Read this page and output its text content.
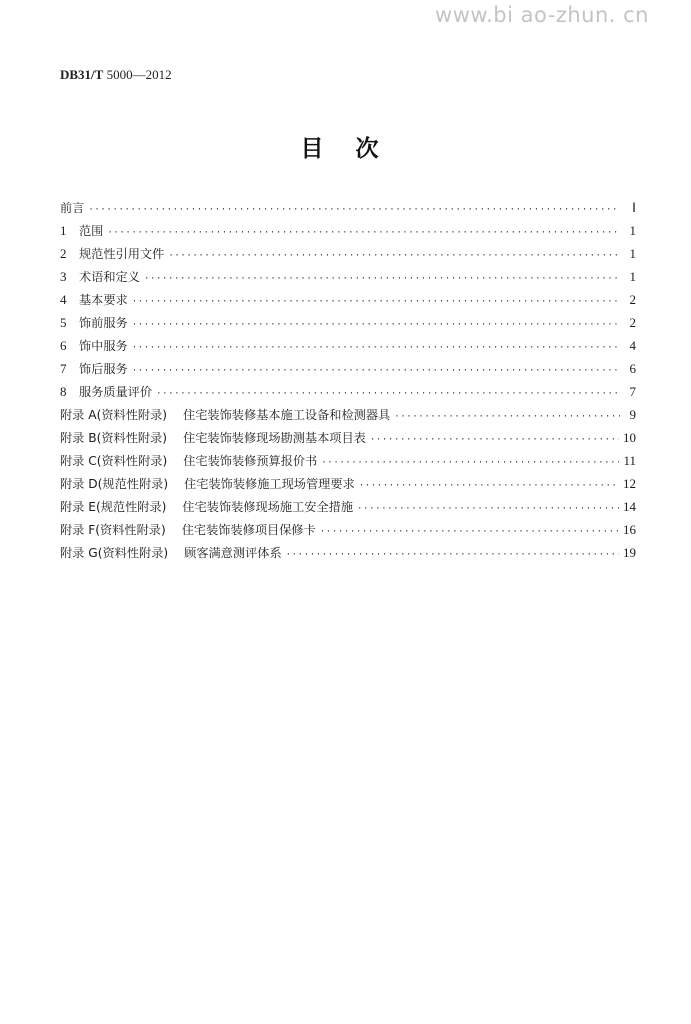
www.bi ao-zhun. cn
DB31/T 5000—2012
目次
前言 ·····	Ⅰ
1	范围 ·····	1
2	规范性引用文件 ·····	1
3	术语和定义 ·····	1
4	基本要求 ·····	2
5	饰前服务 ·····	2
6	饰中服务 ·····	4
7	饰后服务 ·····	6
8	服务质量评价 ·····	7
附录 A(资料性附录)	住宅装饰装修基本施工设备和检测器具 ·····	9
附录 B(资料性附录)	住宅装饰装修现场勘测基本项目表 ·····	10
附录 C(资料性附录)	住宅装饰装修预算报价书 ·····	11
附录 D(规范性附录)	住宅装饰装修施工现场管理要求 ·····	12
附录 E(规范性附录)	住宅装饰装修现场施工安全措施 ·····	14
附录 F(资料性附录)	住宅装饰装修项目保修卡 ·····	16
附录 G(资料性附录)	顾客满意测评体系 ·····	19
